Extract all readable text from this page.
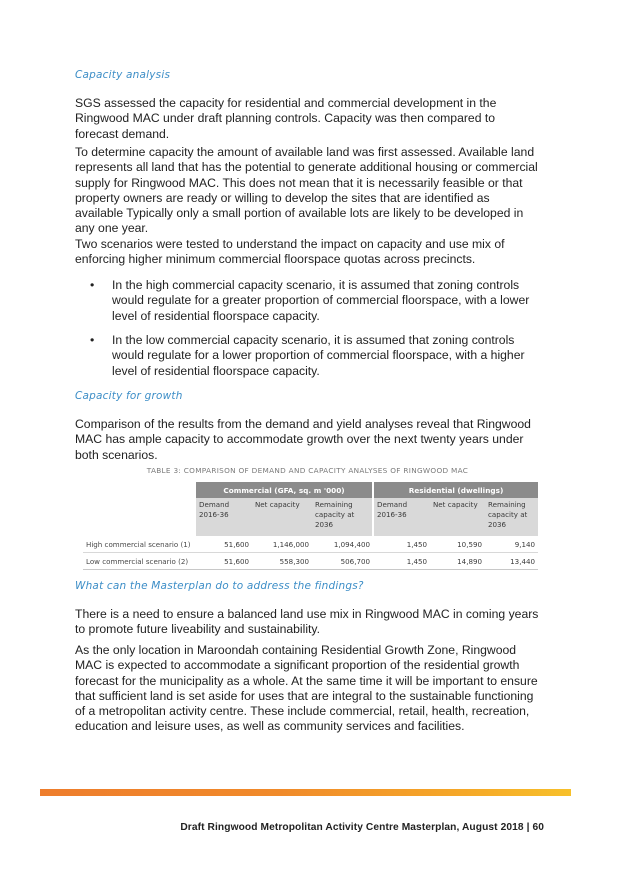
Capacity analysis
SGS assessed the capacity for residential and commercial development in the Ringwood MAC under draft planning controls. Capacity was then compared to forecast demand.
To determine capacity the amount of available land was first assessed. Available land represents all land that has the potential to generate additional housing or commercial supply for Ringwood MAC. This does not mean that it is necessarily feasible or that property owners are ready or willing to develop the sites that are identified as available Typically only a small portion of available lots are likely to be developed in any one year.
Two scenarios were tested to understand the impact on capacity and use mix of enforcing higher minimum commercial floorspace quotas across precincts.
•	In the high commercial capacity scenario, it is assumed that zoning controls would regulate for a greater proportion of commercial floorspace, with a lower level of residential floorspace capacity.
•	In the low commercial capacity scenario, it is assumed that zoning controls would regulate for a lower proportion of commercial floorspace, with a higher level of residential floorspace capacity.
Capacity for growth
Comparison of the results from the demand and yield analyses reveal that Ringwood MAC has ample capacity to accommodate growth over the next twenty years under both scenarios.
TABLE 3: COMPARISON OF DEMAND AND CAPACITY ANALYSES OF RINGWOOD MAC
	Commercial (GFA, sq. m '000)			Residential (dwellings)		
	Demand 2016-36	Net capacity	Remaining capacity at 2036	Demand 2016-36	Net capacity	Remaining capacity at 2036
High commercial scenario (1)	51,600	1,146,000	1,094,400	1,450	10,590	9,140
Low commercial scenario (2)	51,600	558,300	506,700	1,450	14,890	13,440
What can the Masterplan do to address the findings?
There is a need to ensure a balanced land use mix in Ringwood MAC in coming years to promote future liveability and sustainability.
As the only location in Maroondah containing Residential Growth Zone, Ringwood MAC is expected to accommodate a significant proportion of the residential growth forecast for the municipality as a whole. At the same time it will be important to ensure that sufficient land is set aside for uses that are integral to the sustainable functioning of a metropolitan activity centre. These include commercial, retail, health, recreation, education and leisure uses, as well as community services and facilities.
Draft Ringwood Metropolitan Activity Centre Masterplan, August 2018 | 60
